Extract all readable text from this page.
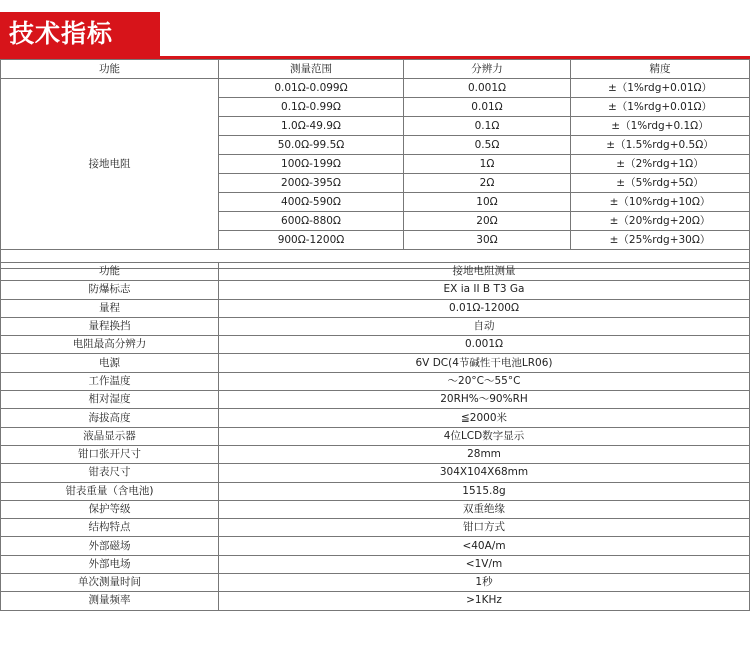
技术指标
功能	测量范围	分辨力	精度
接地电阻	0.01Ω-0.099Ω	0.001Ω	±（1%rdg+0.01Ω）
	0.1Ω-0.99Ω	0.01Ω	±（1%rdg+0.01Ω）
	1.0Ω-49.9Ω	0.1Ω	±（1%rdg+0.1Ω）
	50.0Ω-99.5Ω	0.5Ω	±（1.5%rdg+0.5Ω）
	100Ω-199Ω	1Ω	±（2%rdg+1Ω）
	200Ω-395Ω	2Ω	±（5%rdg+5Ω）
	400Ω-590Ω	10Ω	±（10%rdg+10Ω）
	600Ω-880Ω	20Ω	±（20%rdg+20Ω）
	900Ω-1200Ω	30Ω	±（25%rdg+30Ω）

功能	接地电阻测量
防爆标志	EX ia II B T3 Ga
量程	0.01Ω-1200Ω
量程换挡	自动
电阻最高分辨力	0.001Ω
电源	6V DC(4节碱性干电池LR06)
工作温度	～20°C～55°C
相对湿度	20RH%～90%RH
海拔高度	≦2000米
液晶显示器	4位LCD数字显示
钳口张开尺寸	28mm
钳表尺寸	304X104X68mm
钳表重量（含电池)	1515.8g
保护等级	双重绝缘
结构特点	钳口方式
外部磁场	<40A/m
外部电场	<1V/m
单次测量时间	1秒
测量频率	>1KHz
